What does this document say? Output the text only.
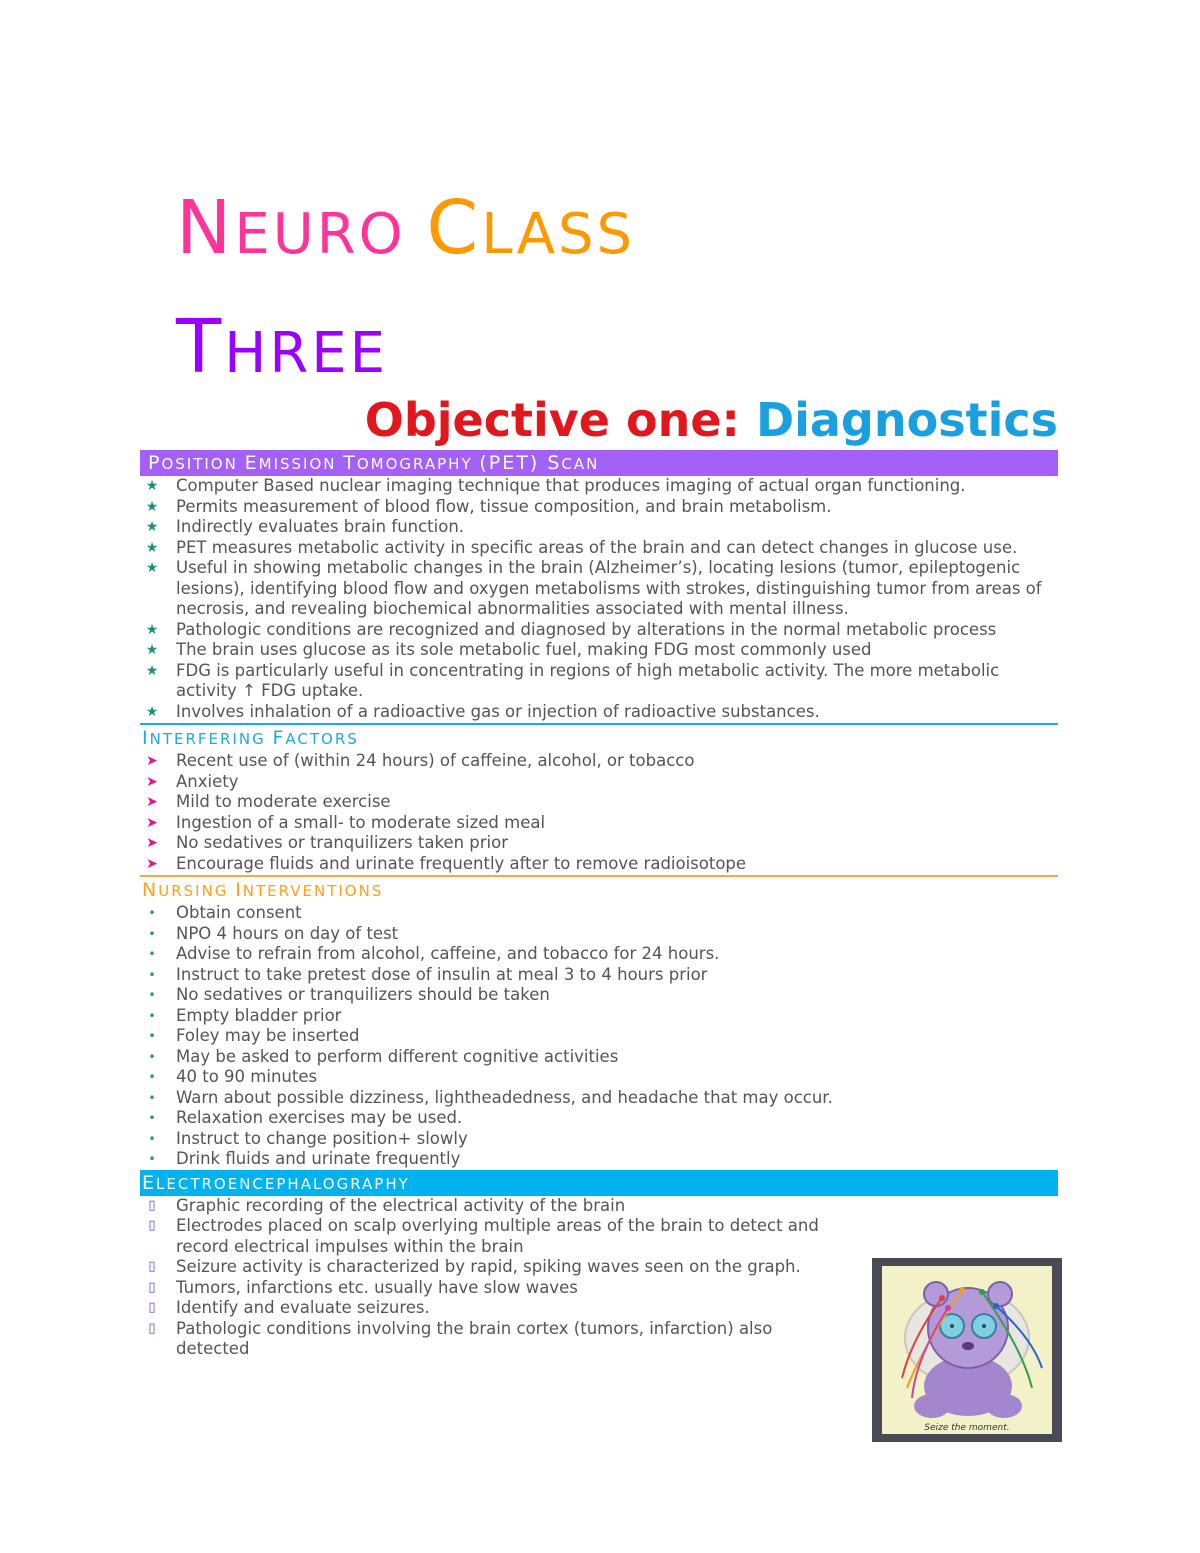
NEURO CLASS
THREE
Objective one: Diagnostics
POSITION EMISSION TOMOGRAPHY (PET) SCAN
★ Computer Based nuclear imaging technique that produces imaging of actual organ functioning.
★ Permits measurement of blood flow, tissue composition, and brain metabolism.
★ Indirectly evaluates brain function.
★ PET measures metabolic activity in specific areas of the brain and can detect changes in glucose use.
★ Useful in showing metabolic changes in the brain (Alzheimer’s), locating lesions (tumor, epileptogenic lesions), identifying blood flow and oxygen metabolisms with strokes, distinguishing tumor from areas of necrosis, and revealing biochemical abnormalities associated with mental illness.
★ Pathologic conditions are recognized and diagnosed by alterations in the normal metabolic process
★ The brain uses glucose as its sole metabolic fuel, making FDG most commonly used
★ FDG is particularly useful in concentrating in regions of high metabolic activity. The more metabolic activity ↑ FDG uptake.
★ Involves inhalation of a radioactive gas or injection of radioactive substances.
INTERFERING FACTORS
➤ Recent use of (within 24 hours) of caffeine, alcohol, or tobacco
➤ Anxiety
➤ Mild to moderate exercise
➤ Ingestion of a small- to moderate sized meal
➤ No sedatives or tranquilizers taken prior
➤ Encourage fluids and urinate frequently after to remove radioisotope
NURSING INTERVENTIONS
•	Obtain consent
•	NPO 4 hours on day of test
•	Advise to refrain from alcohol, caffeine, and tobacco for 24 hours.
•	Instruct to take pretest dose of insulin at meal 3 to 4 hours prior
•	No sedatives or tranquilizers should be taken
•	Empty bladder prior
•	Foley may be inserted
•	May be asked to perform different cognitive activities
•	40 to 90 minutes
•	Warn about possible dizziness, lightheadedness, and headache that may occur.
•	Relaxation exercises may be used.
•	Instruct to change position+ slowly
•	Drink fluids and urinate frequently
ELECTROENCEPHALOGRAPHY
▯	Graphic recording of the electrical activity of the brain
▯	Electrodes placed on scalp overlying multiple areas of the brain to detect and record electrical impulses within the brain
▯	Seizure activity is characterized by rapid, spiking waves seen on the graph.
▯	Tumors, infarctions etc. usually have slow waves
▯	Identify and evaluate seizures.
▯	Pathologic conditions involving the brain cortex (tumors, infarction) also detected
Seize the moment.
